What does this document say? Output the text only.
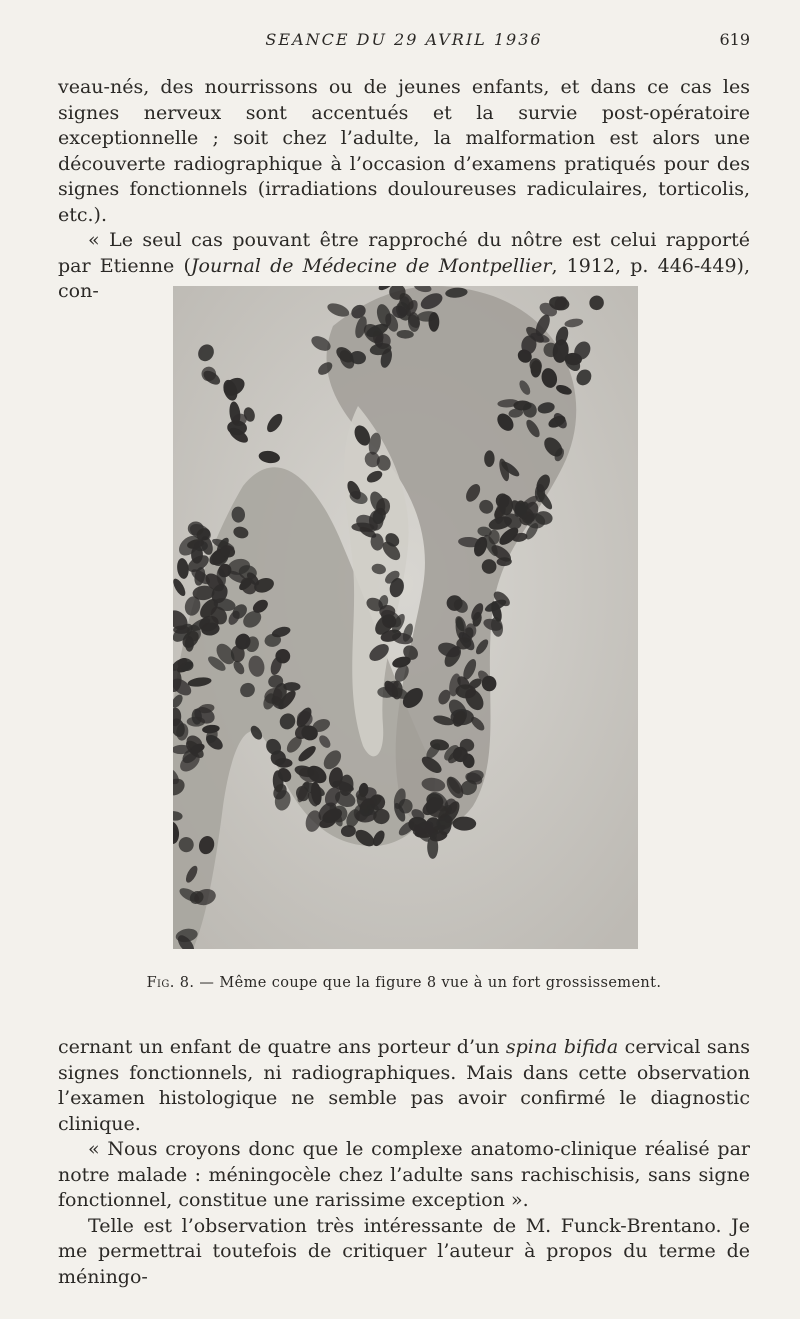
SEANCE DU 29 AVRIL 1936	619

veau-nés, des nourrissons ou de jeunes enfants, et dans ce cas les signes nerveux sont accentués et la survie post-opératoire exceptionnelle ; soit chez l’adulte, la malformation est alors une découverte radiographique à l’occasion d’examens pratiqués pour des signes fonctionnels (irradiations douloureuses radiculaires, torticolis, etc.).

« Le seul cas pouvant être rapproché du nôtre est celui rapporté par Etienne (Journal de Médecine de Montpellier, 1912, p. 446-449), con-

Fig. 8. — Même coupe que la figure 8 vue à un fort grossissement.

cernant un enfant de quatre ans porteur d’un spina bifida cervical sans signes fonctionnels, ni radiographiques. Mais dans cette observation l’examen histologique ne semble pas avoir confirmé le diagnostic clinique.

« Nous croyons donc que le complexe anatomo-clinique réalisé par notre malade : méningocèle chez l’adulte sans rachischisis, sans signe fonctionnel, constitue une rarissime exception ».

Telle est l’observation très intéressante de M. Funck-Brentano. Je me permettrai toutefois de critiquer l’auteur à propos du terme de méningo-
